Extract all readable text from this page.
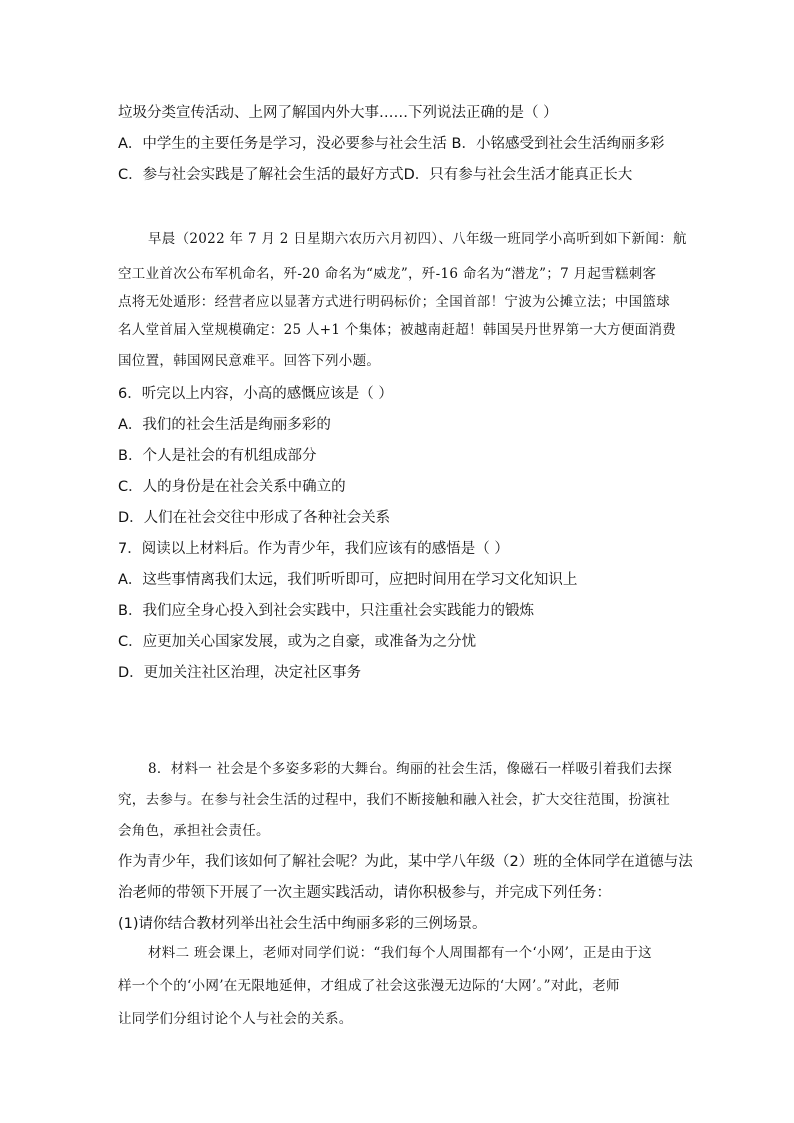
垃圾分类宣传活动、上网了解国内外大事……下列说法正确的是（ ）
A．中学生的主要任务是学习，没必要参与社会生活 B．小铭感受到社会生活绚丽多彩
C．参与社会实践是了解社会生活的最好方式D．只有参与社会生活才能真正长大
早晨（2022 年 7 月 2 日星期六农历六月初四）、八年级一班同学小高听到如下新闻：航
空工业首次公布军机命名，歼-20 命名为“威龙”，歼-16 命名为“潜龙”；7 月起雪糕刺客
点将无处遁形：经营者应以显著方式进行明码标价；全国首部！宁波为公摊立法；中国篮球
名人堂首届入堂规模确定：25 人+1 个集体；被越南赶超！韩国吴丹世界第一大方便面消费
国位置，韩国网民意难平。回答下列小题。
6．听完以上内容，小高的感慨应该是（ ）
A．我们的社会生活是绚丽多彩的
B．个人是社会的有机组成部分
C．人的身份是在社会关系中确立的
D．人们在社会交往中形成了各种社会关系
7．阅读以上材料后。作为青少年，我们应该有的感悟是（ ）
A．这些事情离我们太远，我们听听即可，应把时间用在学习文化知识上
B．我们应全身心投入到社会实践中，只注重社会实践能力的锻炼
C．应更加关心国家发展，或为之自豪，或准备为之分忧
D．更加关注社区治理，决定社区事务
8．材料一 社会是个多姿多彩的大舞台。绚丽的社会生活，像磁石一样吸引着我们去探
究，去参与。在参与社会生活的过程中，我们不断接触和融入社会，扩大交往范围，扮演社
会角色，承担社会责任。
作为青少年，我们该如何了解社会呢？为此，某中学八年级（2）班的全体同学在道德与法
治老师的带领下开展了一次主题实践活动，请你积极参与，并完成下列任务：
(1)请你结合教材列举出社会生活中绚丽多彩的三例场景。
材料二 班会课上，老师对同学们说：“我们每个人周围都有一个‘小网’，正是由于这
样一个个的‘小网’在无限地延伸，才组成了社会这张漫无边际的‘大网’。”对此，老师
让同学们分组讨论个人与社会的关系。
